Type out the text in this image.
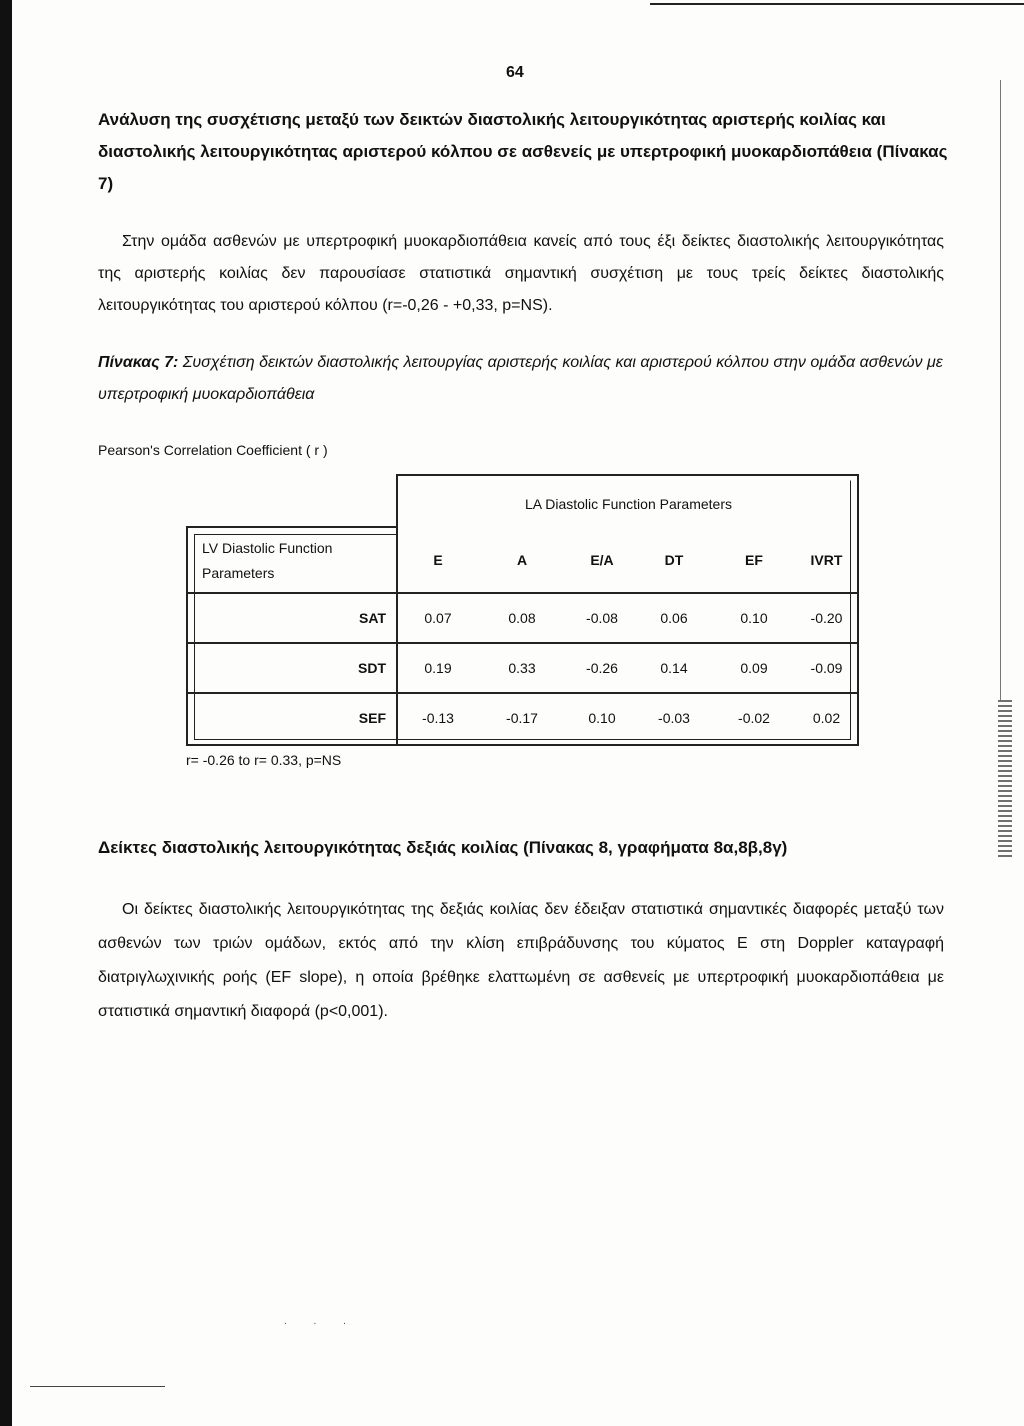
. . .
64
Ανάλυση της συσχέτισης μεταξύ των δεικτών διαστολικής λειτουργικότητας αριστερής κοιλίας και διαστολικής λειτουργικότητας αριστερού κόλπου σε ασθενείς με υπερτροφική μυοκαρδιοπάθεια (Πίνακας 7)

Στην ομάδα ασθενών με υπερτροφική μυοκαρδιοπάθεια κανείς από τους έξι δείκτες διαστολικής λειτουργικότητας της αριστερής κοιλίας δεν παρουσίασε στατιστικά σημαντική συσχέτιση με τους τρείς δείκτες διαστολικής λειτουργικότητας του αριστερού κόλπου (r=-0,26 - +0,33, p=NS).

Πίνακας 7: Συσχέτιση δεικτών διαστολικής λειτουργίας αριστερής κοιλίας και αριστερού κόλπου στην ομάδα ασθενών με υπερτροφική μυοκαρδιοπάθεια

Pearson's Correlation Coefficient ( r )
LA Diastolic Function Parameters
LV Diastolic Function Parameters
E	A	E/A	DT	EF	IVRT
SAT	0.07	0.08	-0.08	0.06	0.10	-0.20
SDT	0.19	0.33	-0.26	0.14	0.09	-0.09
SEF	-0.13	-0.17	0.10	-0.03	-0.02	0.02
r= -0.26 to r= 0.33, p=NS
Δείκτες διαστολικής λειτουργικότητας δεξιάς κοιλίας (Πίνακας 8, γραφήματα 8α,8β,8γ)

Οι δείκτες διαστολικής λειτουργικότητας της δεξιάς κοιλίας δεν έδειξαν στατιστικά σημαντικές διαφορές μεταξύ των ασθενών των τριών ομάδων, εκτός από την κλίση επιβράδυνσης του κύματος Ε στη Doppler καταγραφή διατριγλωχινικής ροής (EF slope), η οποία βρέθηκε ελαττωμένη σε ασθενείς με υπερτροφική μυοκαρδιοπάθεια με στατιστικά σημαντική διαφορά (p<0,001).
